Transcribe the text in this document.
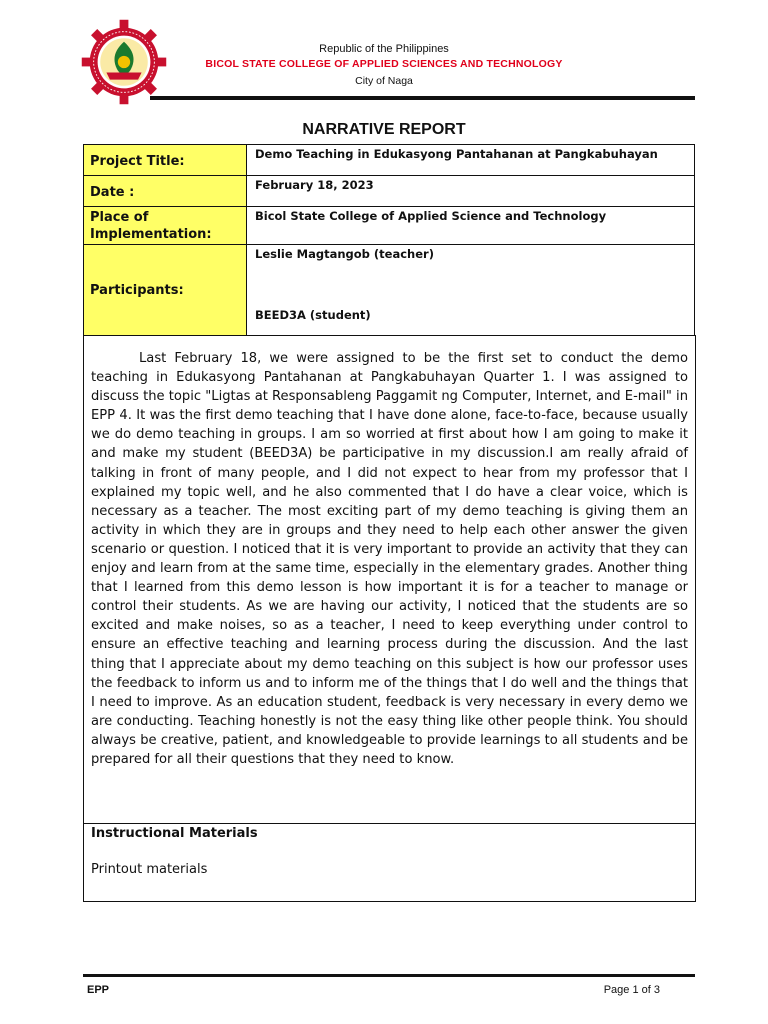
Republic of the Philippines
BICOL STATE COLLEGE OF APPLIED SCIENCES AND TECHNOLOGY
City of Naga
NARRATIVE REPORT
Project Title:	Demo Teaching in Edukasyong Pantahanan at Pangkabuhayan

Date :	February 18, 2023

Place of Implementation:	Bicol State College of Applied Science and Technology

Participants:	Leslie Magtangob (teacher)
BEED3A (student)

Last February 18, we were assigned to be the first set to conduct the demo teaching in Edukasyong Pantahanan at Pangkabuhayan Quarter 1. I was assigned to discuss the topic "Ligtas at Responsableng Paggamit ng Computer, Internet, and E-mail" in EPP 4. It was the first demo teaching that I have done alone, face-to-face, because usually we do demo teaching in groups. I am so worried at first about how I am going to make it and make my student (BEED3A) be participative in my discussion.I am really afraid of talking in front of many people, and I did not expect to hear from my professor that I explained my topic well, and he also commented that I do have a clear voice, which is necessary as a teacher. The most exciting part of my demo teaching is giving them an activity in which they are in groups and they need to help each other answer the given scenario or question. I noticed that it is very important to provide an activity that they can enjoy and learn from at the same time, especially in the elementary grades. Another thing that I learned from this demo lesson is how important it is for a teacher to manage or control their students. As we are having our activity, I noticed that the students are so excited and make noises, so as a teacher, I need to keep everything under control to ensure an effective teaching and learning process during the discussion. And the last thing that I appreciate about my demo teaching on this subject is how our professor uses the feedback to inform us and to inform me of the things that I do well and the things that I need to improve. As an education student, feedback is very necessary in every demo we are conducting. Teaching honestly is not the easy thing like other people think. You should always be creative, patient, and knowledgeable to provide learnings to all students and be prepared for all their questions that they need to know.

Instructional Materials
Printout materials
EPP	Page 1 of 3
